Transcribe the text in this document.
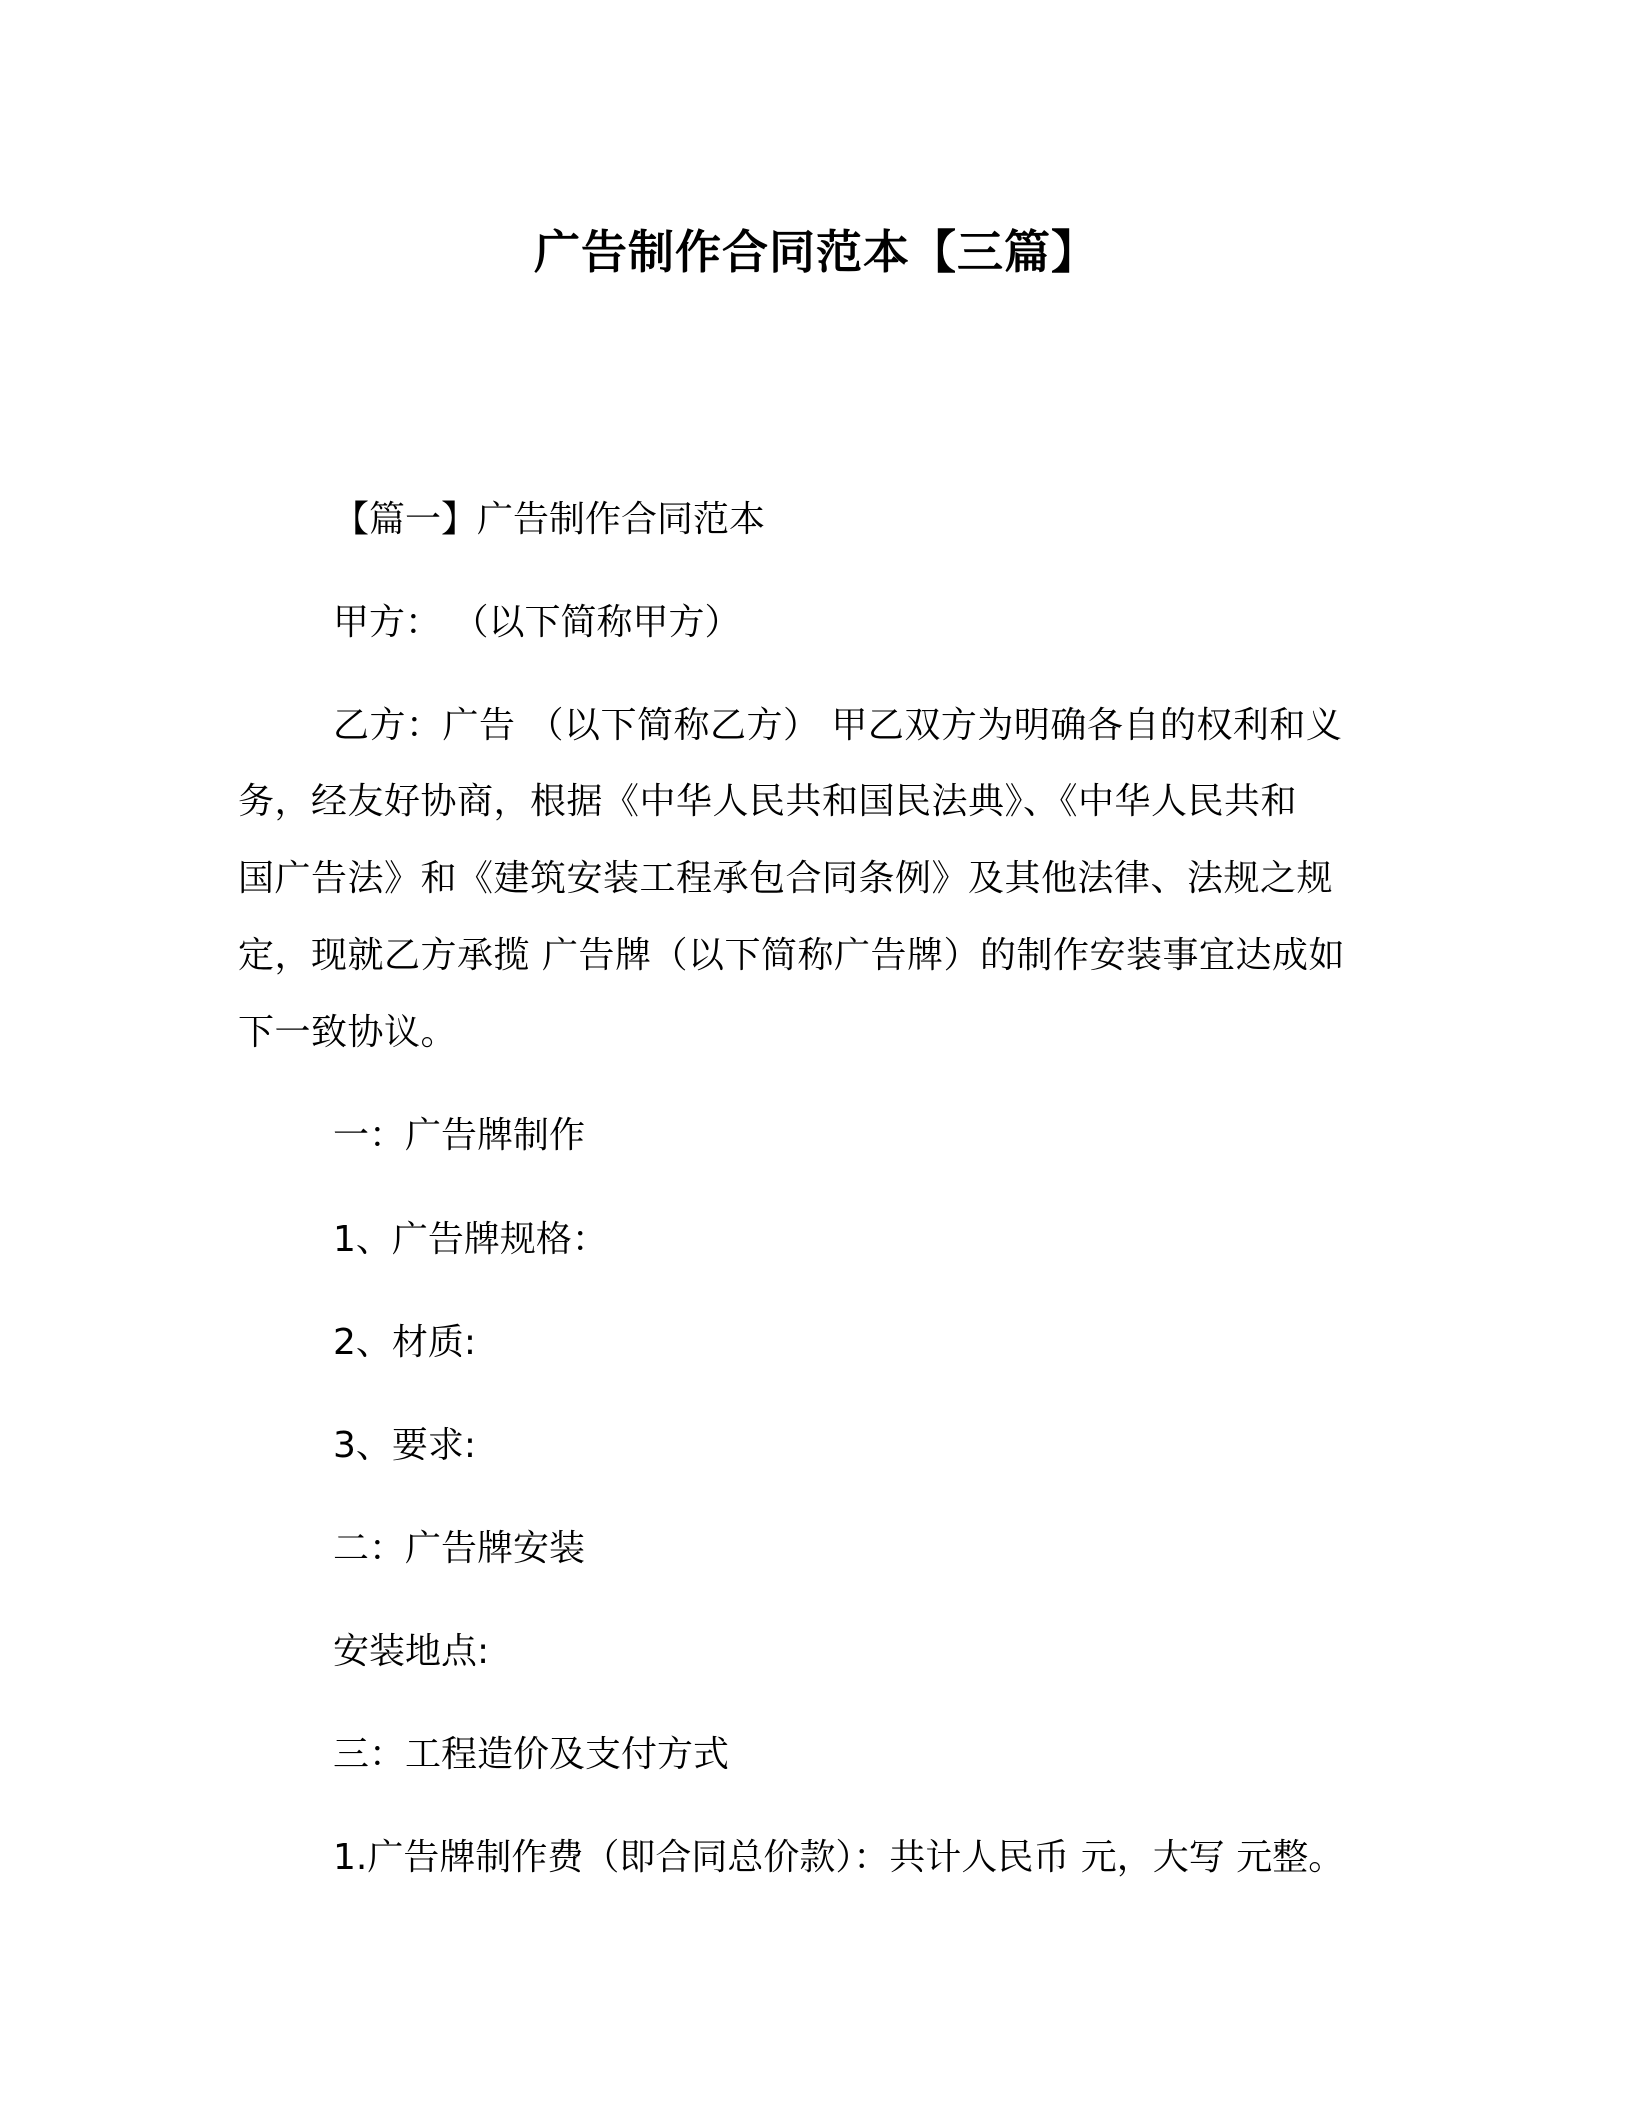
广告制作合同范本【三篇】
【篇一】广告制作合同范本
甲方： （以下简称甲方）
乙方：广告 （以下简称乙方） 甲乙双方为明确各自的权利和义
务，经友好协商，根据《中华人民共和国民法典》、《中华人民共和
国广告法》和《建筑安装工程承包合同条例》及其他法律、法规之规
定，现就乙方承揽 广告牌（以下简称广告牌）的制作安装事宜达成如
下一致协议。
一：广告牌制作
1、广告牌规格：
2、材质:
3、要求:
二：广告牌安装
安装地点:
三：工程造价及支付方式
1.广告牌制作费（即合同总价款）：共计人民币 元，大写 元整。
